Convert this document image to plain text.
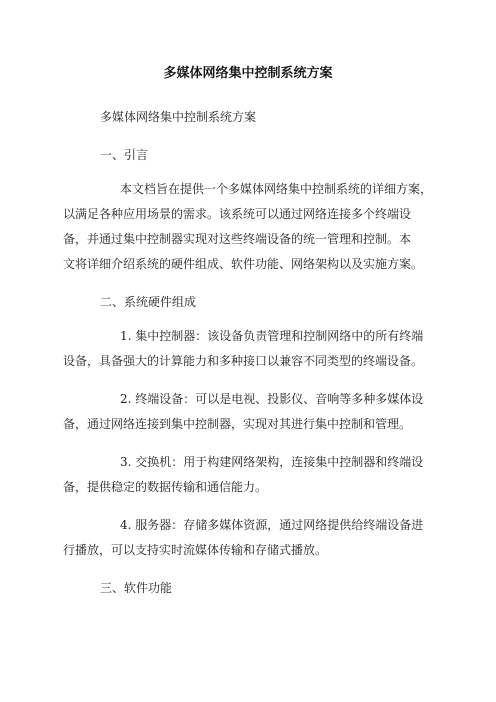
多媒体网络集中控制系统方案
多媒体网络集中控制系统方案
一、引言
本文档旨在提供一个多媒体网络集中控制系统的详细方案，
以满足各种应用场景的需求。该系统可以通过网络连接多个终端设
备，并通过集中控制器实现对这些终端设备的统一管理和控制。本
文将详细介绍系统的硬件组成、软件功能、网络架构以及实施方案。
二、系统硬件组成
1. 集中控制器：该设备负责管理和控制网络中的所有终端
设备，具备强大的计算能力和多种接口以兼容不同类型的终端设备。
2. 终端设备：可以是电视、投影仪、音响等多种多媒体设
备，通过网络连接到集中控制器，实现对其进行集中控制和管理。
3. 交换机：用于构建网络架构，连接集中控制器和终端设
备，提供稳定的数据传输和通信能力。
4. 服务器：存储多媒体资源，通过网络提供给终端设备进
行播放，可以支持实时流媒体传输和存储式播放。
三、软件功能
